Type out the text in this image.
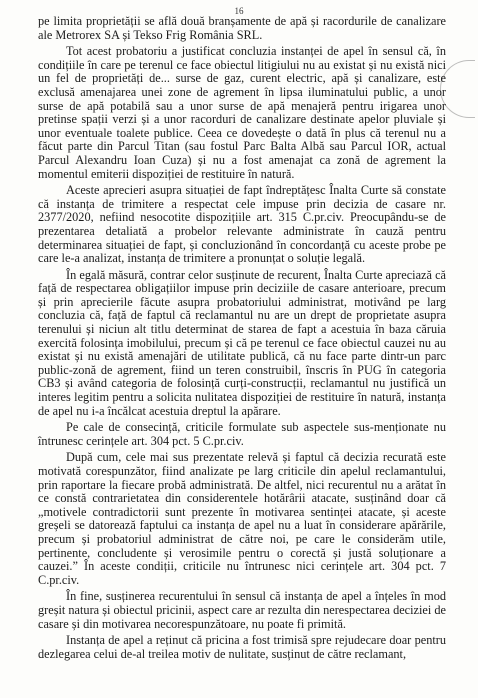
16

pe limita proprietății se află două branșamente de apă și racordurile de canalizare ale Metrorex SA și Tekso Frig România SRL.

Tot acest probatoriu a justificat concluzia instanței de apel în sensul că, în condițiile în care pe terenul ce face obiectul litigiului nu au existat și nu există nici un fel de proprietăți de... surse de gaz, curent electric, apă și canalizare, este exclusă amenajarea unei zone de agrement în lipsa iluminatului public, a unor surse de apă potabilă sau a unor surse de apă menajeră pentru irigarea unor pretinse spații verzi și a unor racorduri de canalizare destinate apelor pluviale și unor eventuale toalete publice. Ceea ce dovedește o dată în plus că terenul nu a făcut parte din Parcul Titan (sau fostul Parc Balta Albă sau Parcul IOR, actual Parcul Alexandru Ioan Cuza) și nu a fost amenajat ca zonă de agrement la momentul emiterii dispoziției de restituire în natură.

Aceste aprecieri asupra situației de fapt îndreptățesc Înalta Curte să constate că instanța de trimitere a respectat cele impuse prin decizia de casare nr. 2377/2020, nefiind nesocotite dispozițiile art. 315 C.pr.civ. Preocupându-se de prezentarea detaliată a probelor relevante administrate în cauză pentru determinarea situației de fapt, și concluzionând în concordanță cu aceste probe pe care le-a analizat, instanța de trimitere a pronunțat o soluție legală.

În egală măsură, contrar celor susținute de recurent, Înalta Curte apreciază că față de respectarea obligațiilor impuse prin deciziile de casare anterioare, precum și prin aprecierile făcute asupra probatoriului administrat, motivând pe larg concluzia că, față de faptul că reclamantul nu are un drept de proprietate asupra terenului și niciun alt titlu determinat de starea de fapt a acestuia în baza căruia exercită folosința imobilului, precum și că pe terenul ce face obiectul cauzei nu au existat și nu există amenajări de utilitate publică, că nu face parte dintr-un parc public-zonă de agrement, fiind un teren construibil, înscris în PUG în categoria CB3 și având categoria de folosință curți-construcții, reclamantul nu justifică un interes legitim pentru a solicita nulitatea dispoziției de restituire în natură, instanța de apel nu i-a încălcat acestuia dreptul la apărare.

Pe cale de consecință, criticile formulate sub aspectele sus-menționate nu întrunesc cerințele art. 304 pct. 5 C.pr.civ.

După cum, cele mai sus prezentate relevă și faptul că decizia recurată este motivată corespunzător, fiind analizate pe larg criticile din apelul reclamantului, prin raportare la fiecare probă administrată. De altfel, nici recurentul nu a arătat în ce constă contrarietatea din considerentele hotărârii atacate, susținând doar că „motivele contradictorii sunt prezente în motivarea sentinței atacate, și aceste greșeli se datorează faptului ca instanța de apel nu a luat în considerare apărările, precum și probatoriul administrat de către noi, pe care le considerăm utile, pertinente, concludente și verosimile pentru o corectă și justă soluționare a cauzei.” În aceste condiții, criticile nu întrunesc nici cerințele art. 304 pct. 7 C.pr.civ.

În fine, susținerea recurentului în sensul că instanța de apel a înțeles în mod greșit natura și obiectul pricinii, aspect care ar rezulta din nerespectarea deciziei de casare și din motivarea necorespunzătoare, nu poate fi primită.

Instanța de apel a reținut că pricina a fost trimisă spre rejudecare doar pentru dezlegarea celui de-al treilea motiv de nulitate, susținut de către reclamant,
